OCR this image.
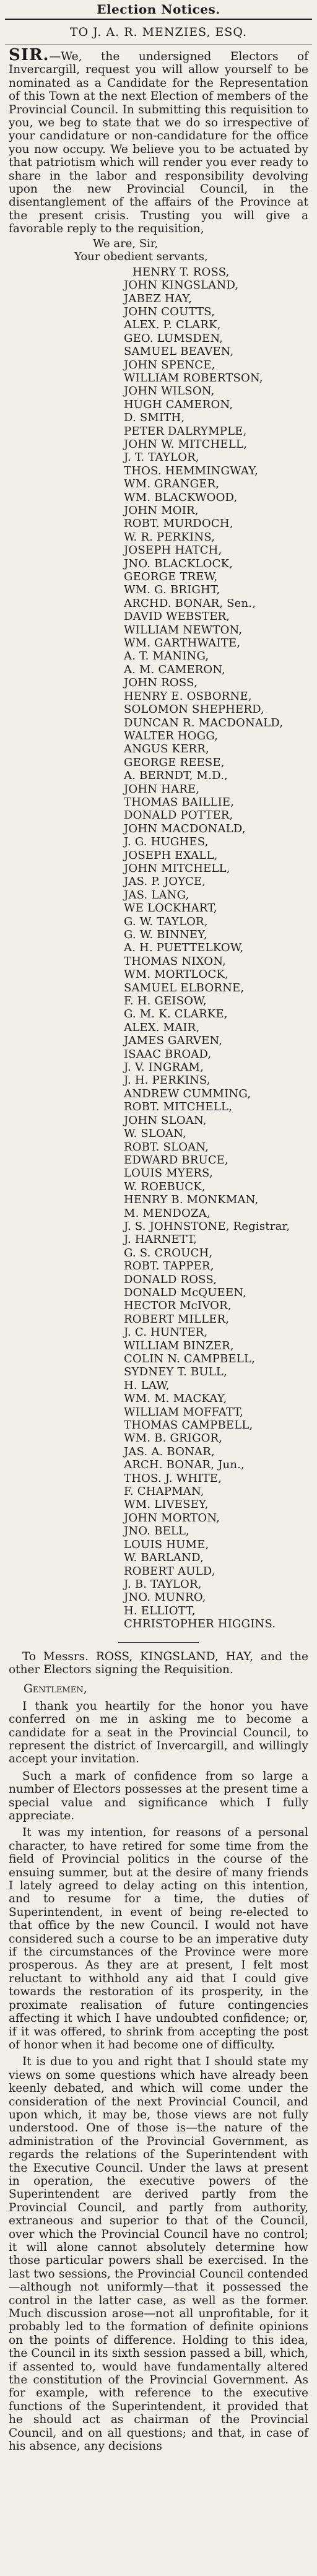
Election Notices.
TO J. A. R. MENZIES, ESQ.
SIR.—We, the undersigned Electors of Invercargill, request you will allow yourself to be nominated as a Candidate for the Representation of this Town at the next Election of members of the Provincial Council. In submitting this requisition to you, we beg to state that we do so irrespective of your candidature or non-candidature for the office you now occupy. We believe you to be actuated by that patriotism which will render you ever ready to share in the labor and responsibility devolving upon the new Provincial Council, in the disentanglement of the affairs of the Province at the present crisis. Trusting you will give a favorable reply to the requisition,
We are, Sir,
Your obedient servants,
HENRY T. ROSS,
JOHN KINGSLAND,
JABEZ HAY,
JOHN COUTTS,
ALEX. P. CLARK,
GEO. LUMSDEN,
SAMUEL BEAVEN,
JOHN SPENCE,
WILLIAM ROBERTSON,
JOHN WILSON,
HUGH CAMERON,
D. SMITH,
PETER DALRYMPLE,
JOHN W. MITCHELL,
J. T. TAYLOR,
THOS. HEMMINGWAY,
WM. GRANGER,
WM. BLACKWOOD,
JOHN MOIR,
ROBT. MURDOCH,
W. R. PERKINS,
JOSEPH HATCH,
JNO. BLACKLOCK,
GEORGE TREW,
WM. G. BRIGHT,
ARCHD. BONAR, Sen.,
DAVID WEBSTER,
WILLIAM NEWTON,
WM. GARTHWAITE,
A. T. MANING,
A. M. CAMERON,
JOHN ROSS,
HENRY E. OSBORNE,
SOLOMON SHEPHERD,
DUNCAN R. MACDONALD,
WALTER HOGG,
ANGUS KERR,
GEORGE REESE,
A. BERNDT, M.D.,
JOHN HARE,
THOMAS BAILLIE,
DONALD POTTER,
JOHN MACDONALD,
J. G. HUGHES,
JOSEPH EXALL,
JOHN MITCHELL,
JAS. P. JOYCE,
JAS. LANG,
WE LOCKHART,
G. W. TAYLOR,
G. W. BINNEY,
A. H. PUETTELKOW,
THOMAS NIXON,
WM. MORTLOCK,
SAMUEL ELBORNE,
F. H. GEISOW,
G. M. K. CLARKE,
ALEX. MAIR,
JAMES GARVEN,
ISAAC BROAD,
J. V. INGRAM,
J. H. PERKINS,
ANDREW CUMMING,
ROBT. MITCHELL,
JOHN SLOAN,
W. SLOAN,
ROBT. SLOAN,
EDWARD BRUCE,
LOUIS MYERS,
W. ROEBUCK,
HENRY B. MONKMAN,
M. MENDOZA,
J. S. JOHNSTONE, Registrar,
J. HARNETT,
G. S. CROUCH,
ROBT. TAPPER,
DONALD ROSS,
DONALD McQUEEN,
HECTOR McIVOR,
ROBERT MILLER,
J. C. HUNTER,
WILLIAM BINZER,
COLIN N. CAMPBELL,
SYDNEY T. BULL,
H. LAW,
WM. M. MACKAY,
WILLIAM MOFFATT,
THOMAS CAMPBELL,
WM. B. GRIGOR,
JAS. A. BONAR,
ARCH. BONAR, Jun.,
THOS. J. WHITE,
F. CHAPMAN,
WM. LIVESEY,
JOHN MORTON,
JNO. BELL,
LOUIS HUME,
W. BARLAND,
ROBERT AULD,
J. B. TAYLOR,
JNO. MUNRO,
H. ELLIOTT,
CHRISTOPHER HIGGINS.
To Messrs. ROSS, KINGSLAND, HAY, and the other Electors signing the Requisition.
Gentlemen,
I thank you heartily for the honor you have conferred on me in asking me to become a candidate for a seat in the Provincial Council, to represent the district of Invercargill, and willingly accept your invitation.
Such a mark of confidence from so large a number of Electors possesses at the present time a special value and significance which I fully appreciate.
It was my intention, for reasons of a personal character, to have retired for some time from the field of Provincial politics in the course of the ensuing summer, but at the desire of many friends I lately agreed to delay acting on this intention, and to resume for a time, the duties of Superintendent, in event of being re-elected to that office by the new Council. I would not have considered such a course to be an imperative duty if the circumstances of the Province were more prosperous. As they are at present, I felt most reluctant to withhold any aid that I could give towards the restoration of its prosperity, in the proximate realisation of future contingencies affecting it which I have undoubted confidence; or, if it was offered, to shrink from accepting the post of honor when it had become one of difficulty.
It is due to you and right that I should state my views on some questions which have already been keenly debated, and which will come under the consideration of the next Provincial Council, and upon which, it may be, those views are not fully understood. One of those is—the nature of the administration of the Provincial Government, as regards the relations of the Superintendent with the Executive Council. Under the laws at present in operation, the executive powers of the Superintendent are derived partly from the Provincial Council, and partly from authority, extraneous and superior to that of the Council, over which the Provincial Council have no control; it will alone cannot absolutely determine how those particular powers shall be exercised. In the last two sessions, the Provincial Council contended—although not uniformly—that it possessed the control in the latter case, as well as the former. Much discussion arose—not all unprofitable, for it probably led to the formation of definite opinions on the points of difference. Holding to this idea, the Council in its sixth session passed a bill, which, if assented to, would have fundamentally altered the constitution of the Provincial Government. As for example, with reference to the executive functions of the Superintendent, it provided that he should act as chairman of the Provincial Council, and on all questions; and that, in case of his absence, any decisions
